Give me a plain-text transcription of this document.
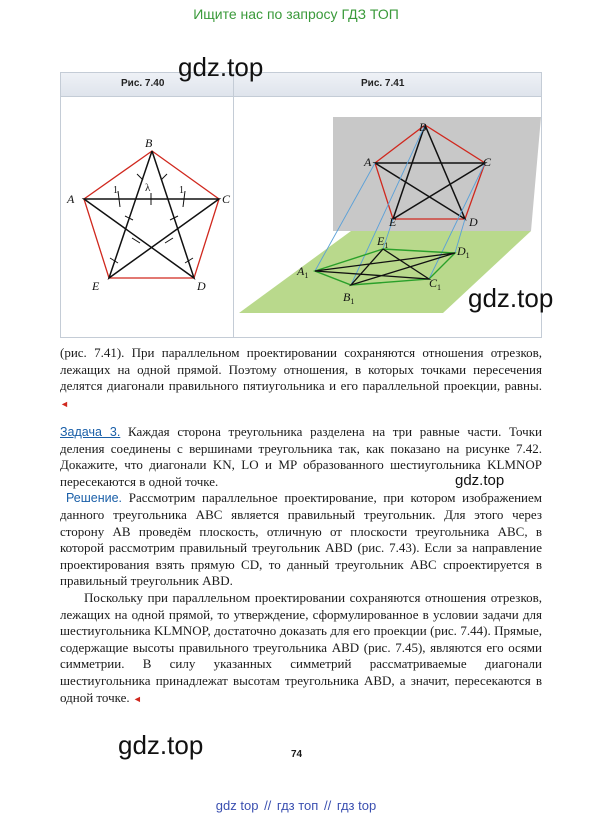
Ищите нас по запросу ГДЗ ТОП
Рис. 7.40	Рис. 7.41
B
A	C
D
E
1	1
λ
B
A	C
D
E
$A_1$
$B_1$
$C_1$
$D_1$
$E_1$
(рис. 7.41). При параллельном проектировании сохраняются отношения отрезков, лежащих на одной прямой. Поэтому отношения, в которых точками пересечения делятся диагонали правильного пятиугольника и его параллельной проекции, равны. ◄
Задача 3. Каждая сторона треугольника разделена на три равные части. Точки деления соединены с вершинами треугольника так, как показано на рисунке 7.42. Докажите, что диагонали KN, LO и MP образованного шестиугольника KLMNOP пересекаются в одной точке.
Решение. Рассмотрим параллельное проектирование, при котором изображением данного треугольника ABC является правильный треугольник. Для этого через сторону AB проведём плоскость, отличную от плоскости треугольника ABC, в которой рассмотрим правильный треугольник ABD (рис. 7.43). Если за направление проектирования взять прямую CD, то данный треугольник ABC спроектируется в правильный треугольник ABD.
Поскольку при параллельном проектировании сохраняются отношения отрезков, лежащих на одной прямой, то утверждение, сформулированное в условии задачи для шестиугольника KLMNOP, достаточно доказать для его проекции (рис. 7.44). Прямые, содержащие высоты правильного треугольника ABD (рис. 7.45), являются его осями симметрии. В силу указанных симметрий рассматриваемые диагонали шестиугольника принадлежат высотам треугольника ABD, а значит, пересекаются в одной точке. ◄
gdz.top
gdz.top
gdz.top
gdz.top	74
gdz top // гдз топ // гдз top
